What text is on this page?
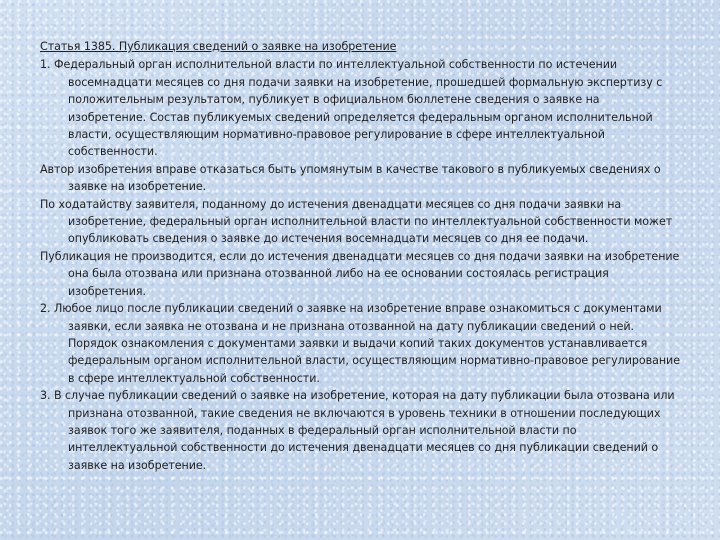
Статья 1385. Публикация сведений о заявке на изобретение

1. Федеральный орган исполнительной власти по интеллектуальной собственности по истечении восемнадцати месяцев со дня подачи заявки на изобретение, прошедшей формальную экспертизу с положительным результатом, публикует в официальном бюллетене сведения о заявке на изобретение. Состав публикуемых сведений определяется федеральным органом исполнительной власти, осуществляющим нормативно-правовое регулирование в сфере интеллектуальной собственности.

Автор изобретения вправе отказаться быть упомянутым в качестве такового в публикуемых сведениях о заявке на изобретение.

По ходатайству заявителя, поданному до истечения двенадцати месяцев со дня подачи заявки на изобретение, федеральный орган исполнительной власти по интеллектуальной собственности может опубликовать сведения о заявке до истечения восемнадцати месяцев со дня ее подачи.

Публикация не производится, если до истечения двенадцати месяцев со дня подачи заявки на изобретение она была отозвана или признана отозванной либо на ее основании состоялась регистрация изобретения.

2. Любое лицо после публикации сведений о заявке на изобретение вправе ознакомиться с документами заявки, если заявка не отозвана и не признана отозванной на дату публикации сведений о ней. Порядок ознакомления с документами заявки и выдачи копий таких документов устанавливается федеральным органом исполнительной власти, осуществляющим нормативно-правовое регулирование в сфере интеллектуальной собственности.

3. В случае публикации сведений о заявке на изобретение, которая на дату публикации была отозвана или признана отозванной, такие сведения не включаются в уровень техники в отношении последующих заявок того же заявителя, поданных в федеральный орган исполнительной власти по интеллектуальной собственности до истечения двенадцати месяцев со дня публикации сведений о заявке на изобретение.
